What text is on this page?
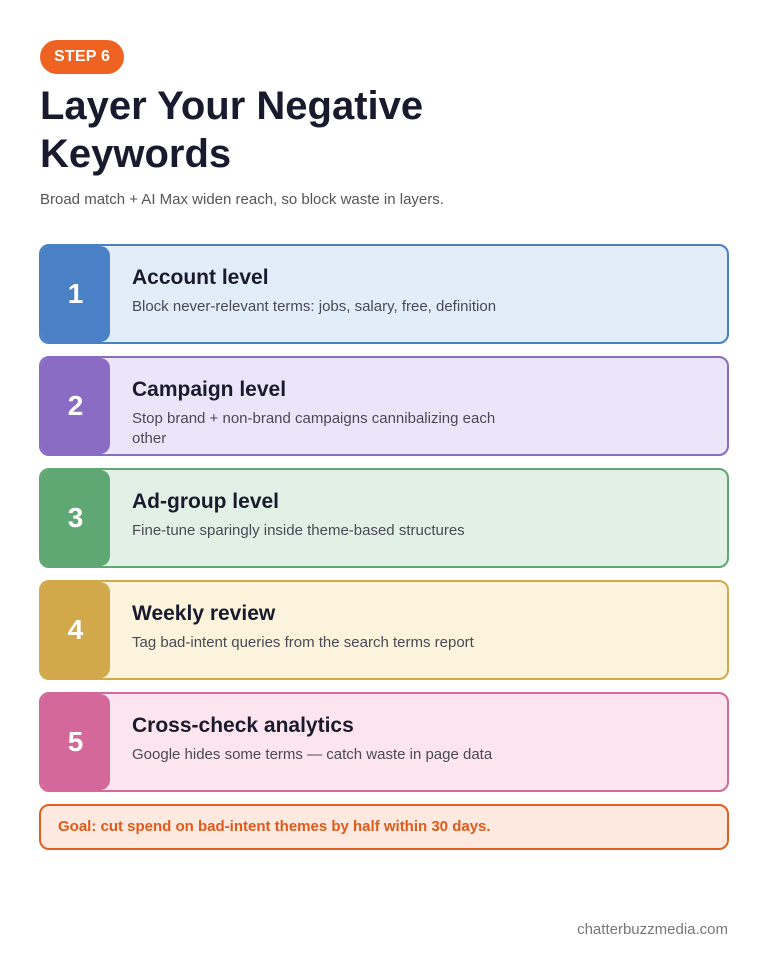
STEP 6
Layer Your Negative Keywords

Broad match + AI Max widen reach, so block waste in layers.

1
Account level
Block never-relevant terms: jobs, salary, free, definition
2
Campaign level
Stop brand + non-brand campaigns cannibalizing each other
3
Ad-group level
Fine-tune sparingly inside theme-based structures
4
Weekly review
Tag bad-intent queries from the search terms report
5
Cross-check analytics
Google hides some terms — catch waste in page data
Goal: cut spend on bad-intent themes by half within 30 days.
chatterbuzzmedia.com
